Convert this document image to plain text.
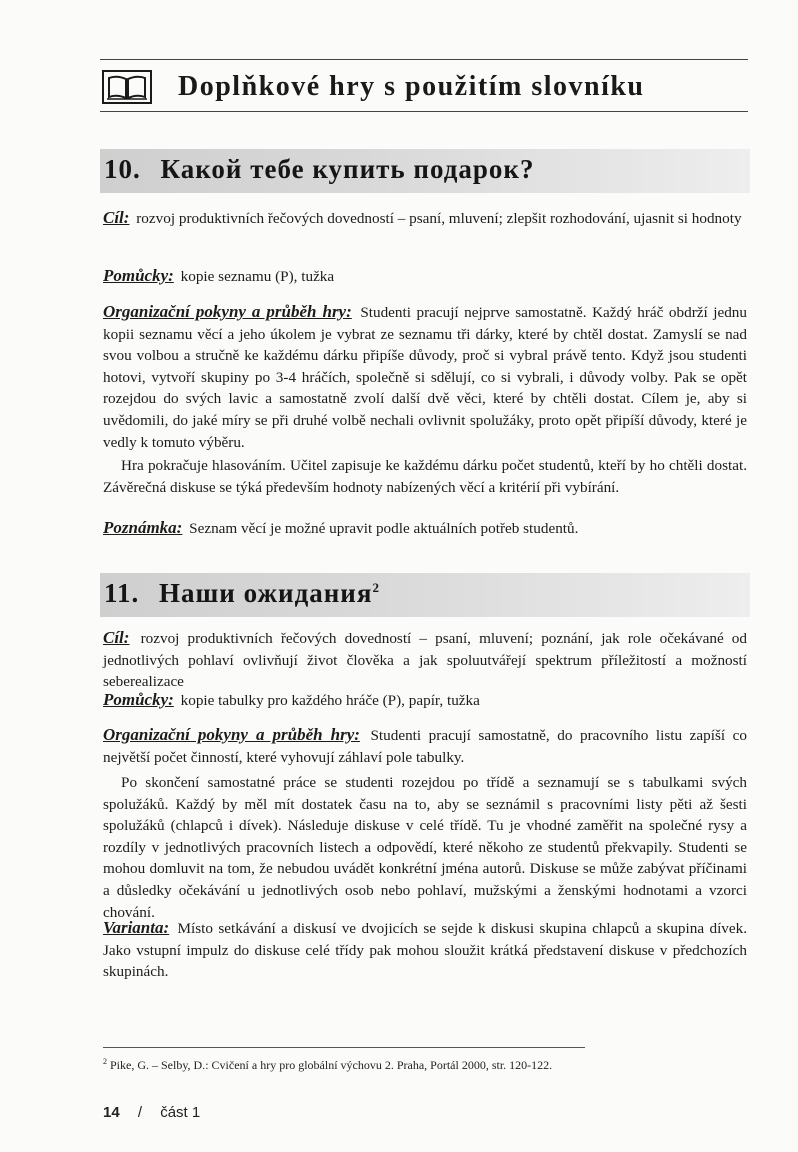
Doplňkové hry s použitím slovníku
10. Какой тебе купить подарок?
Cíl: rozvoj produktivních řečových dovedností – psaní, mluvení; zlepšit rozhodování, ujasnit si hodnoty
Pomůcky: kopie seznamu (P), tužka
Organizační pokyny a průběh hry: Studenti pracují nejprve samostatně. Každý hráč obdrží jednu kopii seznamu věcí a jeho úkolem je vybrat ze seznamu tři dárky, které by chtěl dostat. Zamyslí se nad svou volbou a stručně ke každému dárku připíše důvody, proč si vybral právě tento. Když jsou studenti hotovi, vytvoří skupiny po 3-4 hráčích, společně si sdělují, co si vybrali, i důvody volby. Pak se opět rozejdou do svých lavic a samostatně zvolí další dvě věci, které by chtěli dostat. Cílem je, aby si uvědomili, do jaké míry se při druhé volbě nechali ovlivnit spolužáky, proto opět připíší důvody, které je vedly k tomuto výběru.
Hra pokračuje hlasováním. Učitel zapisuje ke každému dárku počet studentů, kteří by ho chtěli dostat. Závěrečná diskuse se týká především hodnoty nabízených věcí a kritérií při vybírání.
Poznámka: Seznam věcí je možné upravit podle aktuálních potřeb studentů.
11. Наши ожидания$^2$
Cíl: rozvoj produktivních řečových dovedností – psaní, mluvení; poznání, jak role očekávané od jednotlivých pohlaví ovlivňují život člověka a jak spoluutvářejí spektrum příležitostí a možností seberealizace
Pomůcky: kopie tabulky pro každého hráče (P), papír, tužka
Organizační pokyny a průběh hry: Studenti pracují samostatně, do pracovního listu zapíší co největší počet činností, které vyhovují záhlaví pole tabulky.
Po skončení samostatné práce se studenti rozejdou po třídě a seznamují se s tabulkami svých spolužáků. Každý by měl mít dostatek času na to, aby se seznámil s pracovními listy pěti až šesti spolužáků (chlapců i dívek). Následuje diskuse v celé třídě. Tu je vhodné zaměřit na společné rysy a rozdíly v jednotlivých pracovních listech a odpovědí, které někoho ze studentů překvapily. Studenti se mohou domluvit na tom, že nebudou uvádět konkrétní jména autorů. Diskuse se může zabývat příčinami a důsledky očekávání u jednotlivých osob nebo pohlaví, mužskými a ženskými hodnotami a vzorci chování.
Varianta: Místo setkávání a diskusí ve dvojicích se sejde k diskusi skupina chlapců a skupina dívek. Jako vstupní impulz do diskuse celé třídy pak mohou sloužit krátká představení diskuse v předchozích skupinách.
$^2$ Pike, G. – Selby, D.: Cvičení a hry pro globální výchovu 2. Praha, Portál 2000, str. 120-122.
14 / část 1
